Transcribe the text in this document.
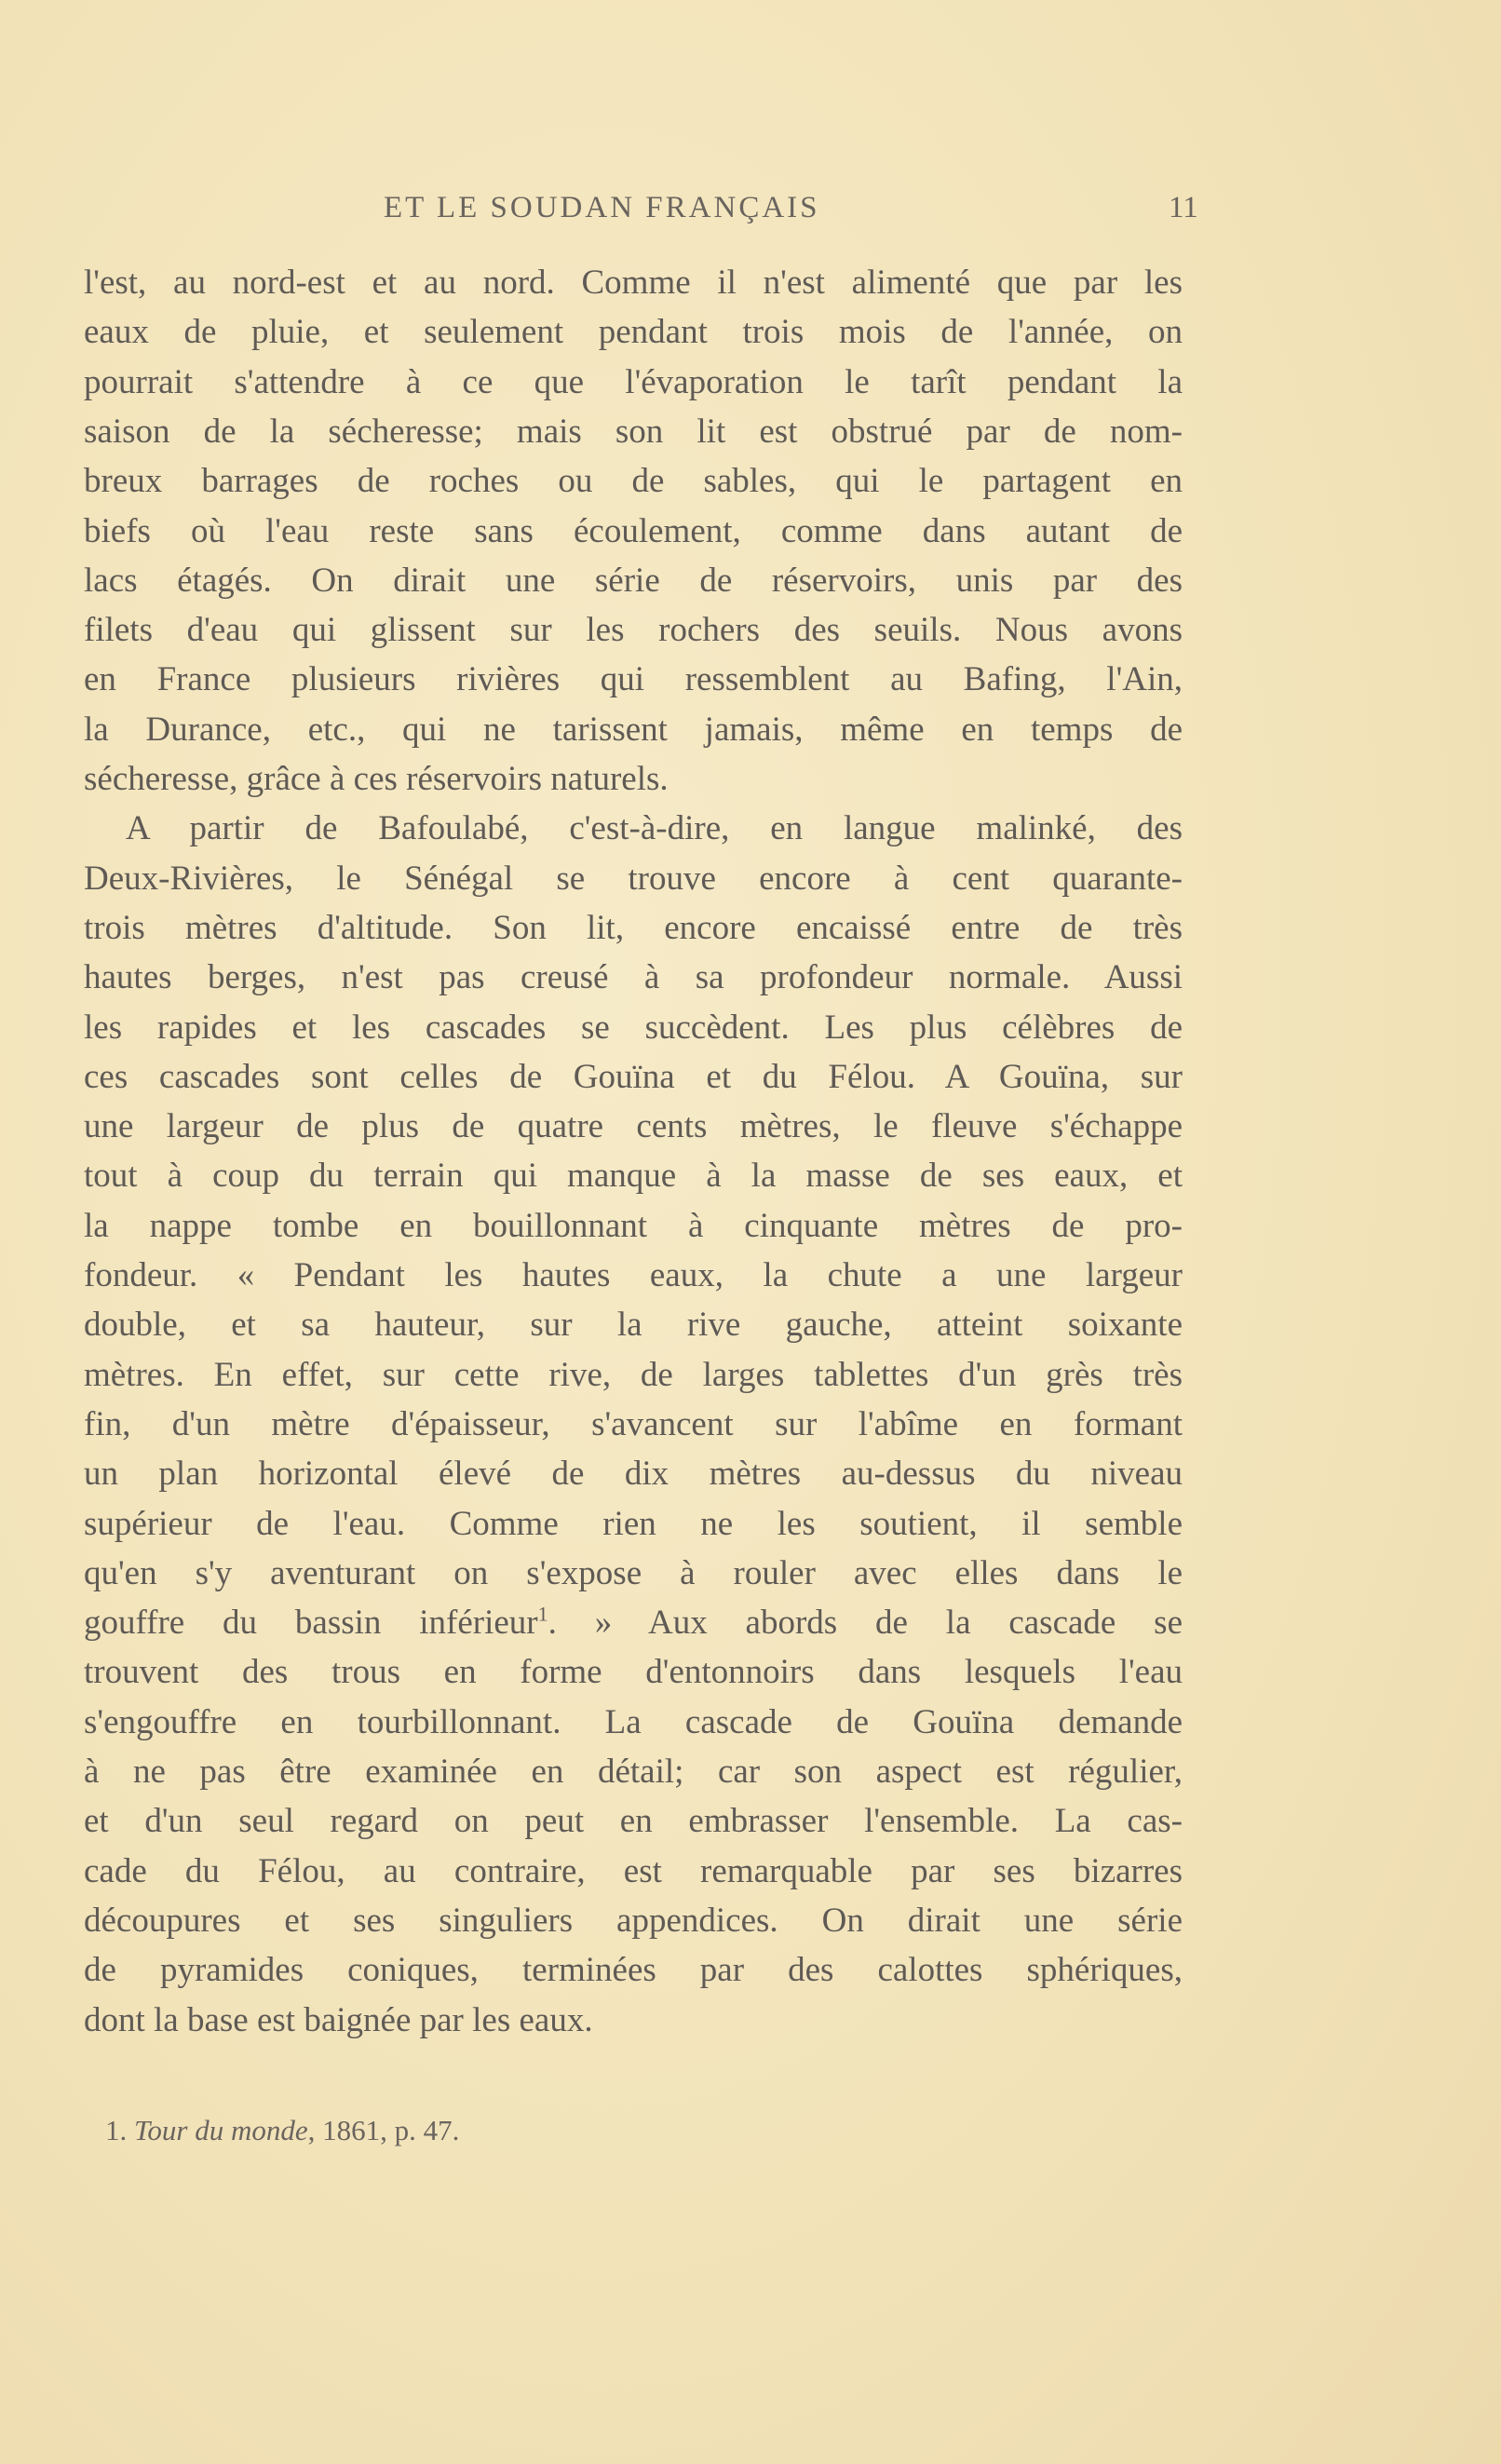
ET LE SOUDAN FRANÇAIS	11
l'est, au nord-est et au nord. Comme il n'est alimenté que par les
eaux de pluie, et seulement pendant trois mois de l'année, on
pourrait s'attendre à ce que l'évaporation le tarît pendant la
saison de la sécheresse; mais son lit est obstrué par de nom-
breux barrages de roches ou de sables, qui le partagent en
biefs où l'eau reste sans écoulement, comme dans autant de
lacs étagés. On dirait une série de réservoirs, unis par des
filets d'eau qui glissent sur les rochers des seuils. Nous avons
en France plusieurs rivières qui ressemblent au Bafing, l'Ain,
la Durance, etc., qui ne tarissent jamais, même en temps de
sécheresse, grâce à ces réservoirs naturels.
A partir de Bafoulabé, c'est-à-dire, en langue malinké, des
Deux-Rivières, le Sénégal se trouve encore à cent quarante-
trois mètres d'altitude. Son lit, encore encaissé entre de très
hautes berges, n'est pas creusé à sa profondeur normale. Aussi
les rapides et les cascades se succèdent. Les plus célèbres de
ces cascades sont celles de Gouïna et du Félou. A Gouïna, sur
une largeur de plus de quatre cents mètres, le fleuve s'échappe
tout à coup du terrain qui manque à la masse de ses eaux, et
la nappe tombe en bouillonnant à cinquante mètres de pro-
fondeur. « Pendant les hautes eaux, la chute a une largeur
double, et sa hauteur, sur la rive gauche, atteint soixante
mètres. En effet, sur cette rive, de larges tablettes d'un grès très
fin, d'un mètre d'épaisseur, s'avancent sur l'abîme en formant
un plan horizontal élevé de dix mètres au-dessus du niveau
supérieur de l'eau. Comme rien ne les soutient, il semble
qu'en s'y aventurant on s'expose à rouler avec elles dans le
gouffre du bassin inférieur$^1$. » Aux abords de la cascade se
trouvent des trous en forme d'entonnoirs dans lesquels l'eau
s'engouffre en tourbillonnant. La cascade de Gouïna demande
à ne pas être examinée en détail; car son aspect est régulier,
et d'un seul regard on peut en embrasser l'ensemble. La cas-
cade du Félou, au contraire, est remarquable par ses bizarres
découpures et ses singuliers appendices. On dirait une série
de pyramides coniques, terminées par des calottes sphériques,
dont la base est baignée par les eaux.
1. Tour du monde, 1861, p. 47.
